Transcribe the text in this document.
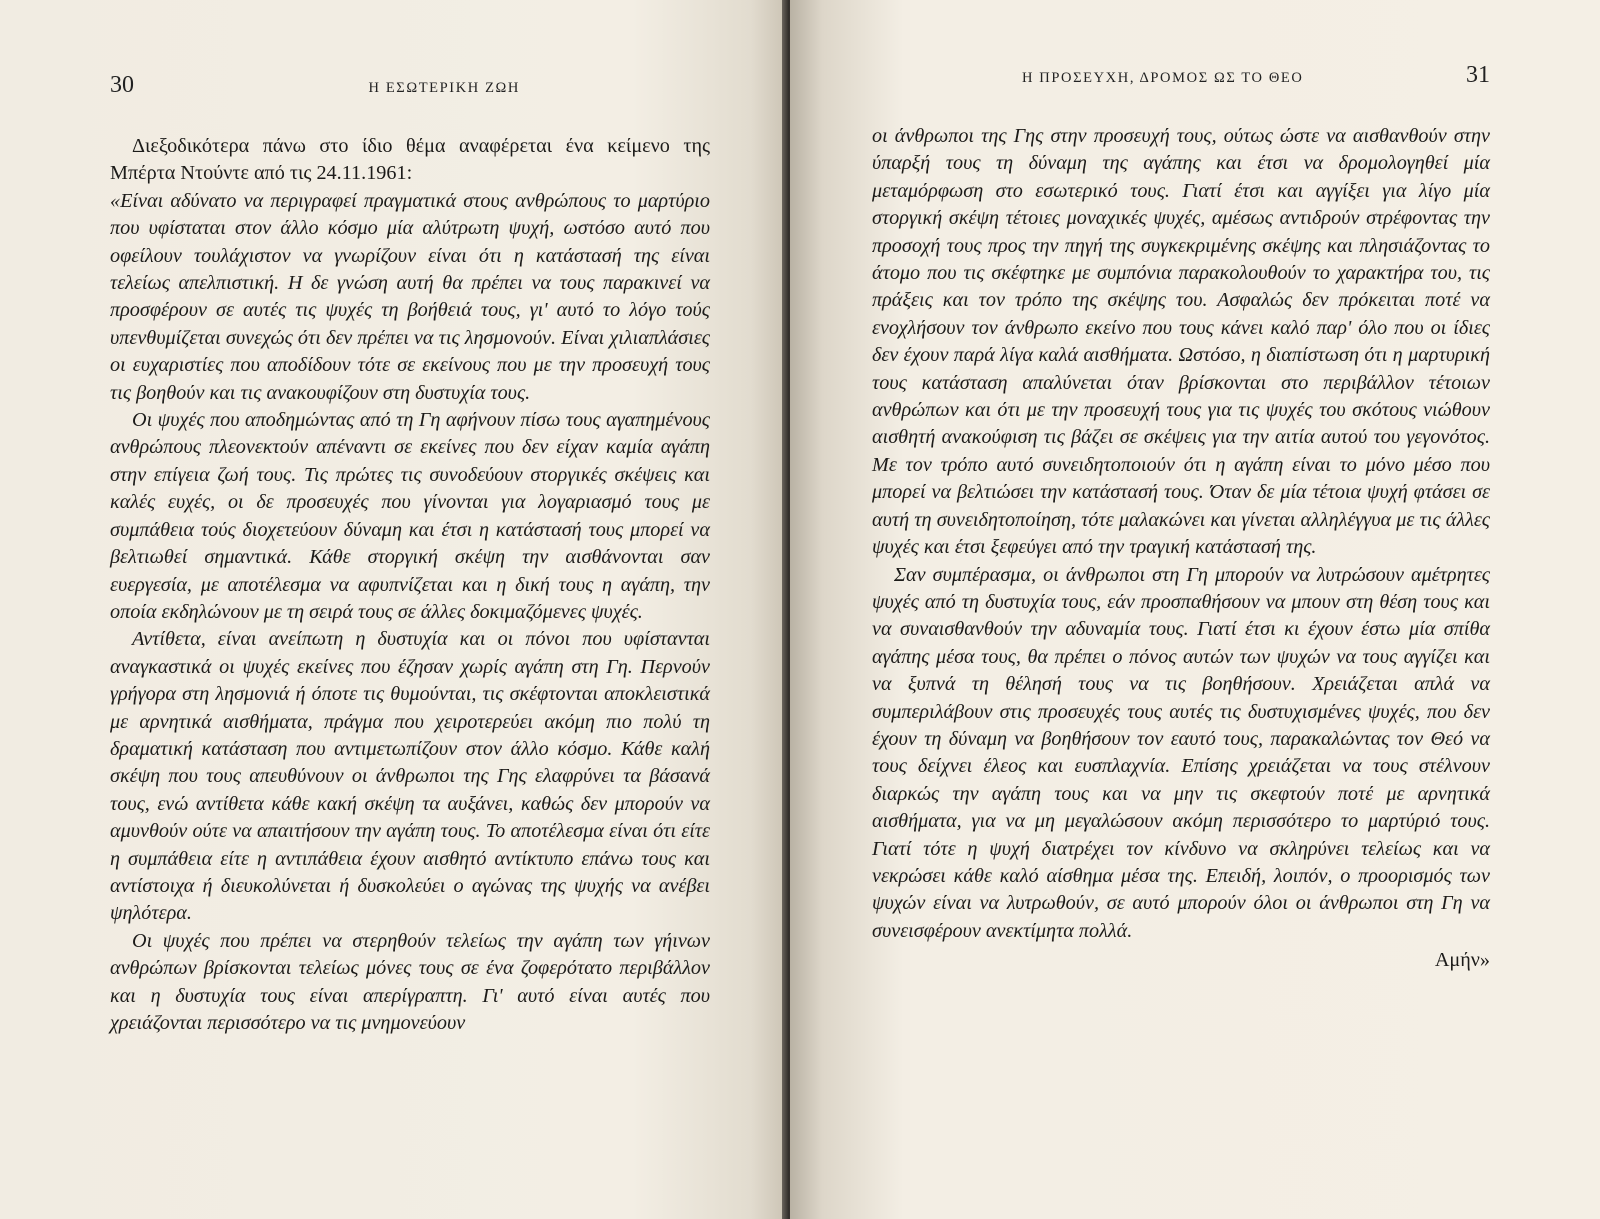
30	Η ΕΣΩΤΕΡΙΚΗ ΖΩΗ

Διεξοδικότερα πάνω στο ίδιο θέμα αναφέρεται ένα κείμενο της Μπέρτα Ντούντε από τις 24.11.1961:

«Είναι αδύνατο να περιγραφεί πραγματικά στους ανθρώπους το μαρτύριο που υφίσταται στον άλλο κόσμο μία αλύτρωτη ψυχή, ωστόσο αυτό που οφείλουν τουλάχιστον να γνωρίζουν είναι ότι η κατάστασή της είναι τελείως απελπιστική. Η δε γνώση αυτή θα πρέπει να τους παρακινεί να προσφέρουν σε αυτές τις ψυχές τη βοήθειά τους, γι' αυτό το λόγο τούς υπενθυμίζεται συνεχώς ότι δεν πρέπει να τις λησμονούν. Είναι χιλιαπλάσιες οι ευχαριστίες που αποδίδουν τότε σε εκείνους που με την προσευχή τους τις βοηθούν και τις ανακουφίζουν στη δυστυχία τους.

Οι ψυχές που αποδημώντας από τη Γη αφήνουν πίσω τους αγαπημένους ανθρώπους πλεονεκτούν απέναντι σε εκείνες που δεν είχαν καμία αγάπη στην επίγεια ζωή τους. Τις πρώτες τις συνοδεύουν στοργικές σκέψεις και καλές ευχές, οι δε προσευχές που γίνονται για λογαριασμό τους με συμπάθεια τούς διοχετεύουν δύναμη και έτσι η κατάστασή τους μπορεί να βελτιωθεί σημαντικά. Κάθε στοργική σκέψη την αισθάνονται σαν ευεργεσία, με αποτέλεσμα να αφυπνίζεται και η δική τους η αγάπη, την οποία εκδηλώνουν με τη σειρά τους σε άλλες δοκιμαζόμενες ψυχές.

Αντίθετα, είναι ανείπωτη η δυστυχία και οι πόνοι που υφίστανται αναγκαστικά οι ψυχές εκείνες που έζησαν χωρίς αγάπη στη Γη. Περνούν γρήγορα στη λησμονιά ή όποτε τις θυμούνται, τις σκέφτονται αποκλειστικά με αρνητικά αισθήματα, πράγμα που χειροτερεύει ακόμη πιο πολύ τη δραματική κατάσταση που αντιμετωπίζουν στον άλλο κόσμο. Κάθε καλή σκέψη που τους απευθύνουν οι άνθρωποι της Γης ελαφρύνει τα βάσανά τους, ενώ αντίθετα κάθε κακή σκέψη τα αυξάνει, καθώς δεν μπορούν να αμυνθούν ούτε να απαιτήσουν την αγάπη τους. Το αποτέλεσμα είναι ότι είτε η συμπάθεια είτε η αντιπάθεια έχουν αισθητό αντίκτυπο επάνω τους και αντίστοιχα ή διευκολύνεται ή δυσκολεύει ο αγώνας της ψυχής να ανέβει ψηλότερα.

Οι ψυχές που πρέπει να στερηθούν τελείως την αγάπη των γήινων ανθρώπων βρίσκονται τελείως μόνες τους σε ένα ζοφερότατο περιβάλλον και η δυστυχία τους είναι απερίγραπτη. Γι' αυτό είναι αυτές που χρειάζονται περισσότερο να τις μνημονεύουν

Η ΠΡΟΣΕΥΧΗ, ΔΡΟΜΟΣ ΩΣ ΤΟ ΘΕΟ	31

οι άνθρωποι της Γης στην προσευχή τους, ούτως ώστε να αισθανθούν στην ύπαρξή τους τη δύναμη της αγάπης και έτσι να δρομολογηθεί μία μεταμόρφωση στο εσωτερικό τους. Γιατί έτσι και αγγίξει για λίγο μία στοργική σκέψη τέτοιες μοναχικές ψυχές, αμέσως αντιδρούν στρέφοντας την προσοχή τους προς την πηγή της συγκεκριμένης σκέψης και πλησιάζοντας το άτομο που τις σκέφτηκε με συμπόνια παρακολουθούν το χαρακτήρα του, τις πράξεις και τον τρόπο της σκέψης του. Ασφαλώς δεν πρόκειται ποτέ να ενοχλήσουν τον άνθρωπο εκείνο που τους κάνει καλό παρ' όλο που οι ίδιες δεν έχουν παρά λίγα καλά αισθήματα. Ωστόσο, η διαπίστωση ότι η μαρτυρική τους κατάσταση απαλύνεται όταν βρίσκονται στο περιβάλλον τέτοιων ανθρώπων και ότι με την προσευχή τους για τις ψυχές του σκότους νιώθουν αισθητή ανακούφιση τις βάζει σε σκέψεις για την αιτία αυτού του γεγονότος. Με τον τρόπο αυτό συνειδητοποιούν ότι η αγάπη είναι το μόνο μέσο που μπορεί να βελτιώσει την κατάστασή τους. Όταν δε μία τέτοια ψυχή φτάσει σε αυτή τη συνειδητοποίηση, τότε μαλακώνει και γίνεται αλληλέγγυα με τις άλλες ψυχές και έτσι ξεφεύγει από την τραγική κατάστασή της.

Σαν συμπέρασμα, οι άνθρωποι στη Γη μπορούν να λυτρώσουν αμέτρητες ψυχές από τη δυστυχία τους, εάν προσπαθήσουν να μπουν στη θέση τους και να συναισθανθούν την αδυναμία τους. Γιατί έτσι κι έχουν έστω μία σπίθα αγάπης μέσα τους, θα πρέπει ο πόνος αυτών των ψυχών να τους αγγίζει και να ξυπνά τη θέλησή τους να τις βοηθήσουν. Χρειάζεται απλά να συμπεριλάβουν στις προσευχές τους αυτές τις δυστυχισμένες ψυχές, που δεν έχουν τη δύναμη να βοηθήσουν τον εαυτό τους, παρακαλώντας τον Θεό να τους δείχνει έλεος και ευσπλαχνία. Επίσης χρειάζεται να τους στέλνουν διαρκώς την αγάπη τους και να μην τις σκεφτούν ποτέ με αρνητικά αισθήματα, για να μη μεγαλώσουν ακόμη περισσότερο το μαρτύριό τους. Γιατί τότε η ψυχή διατρέχει τον κίνδυνο να σκληρύνει τελείως και να νεκρώσει κάθε καλό αίσθημα μέσα της. Επειδή, λοιπόν, ο προορισμός των ψυχών είναι να λυτρωθούν, σε αυτό μπορούν όλοι οι άνθρωποι στη Γη να συνεισφέρουν ανεκτίμητα πολλά.

Αμήν»
